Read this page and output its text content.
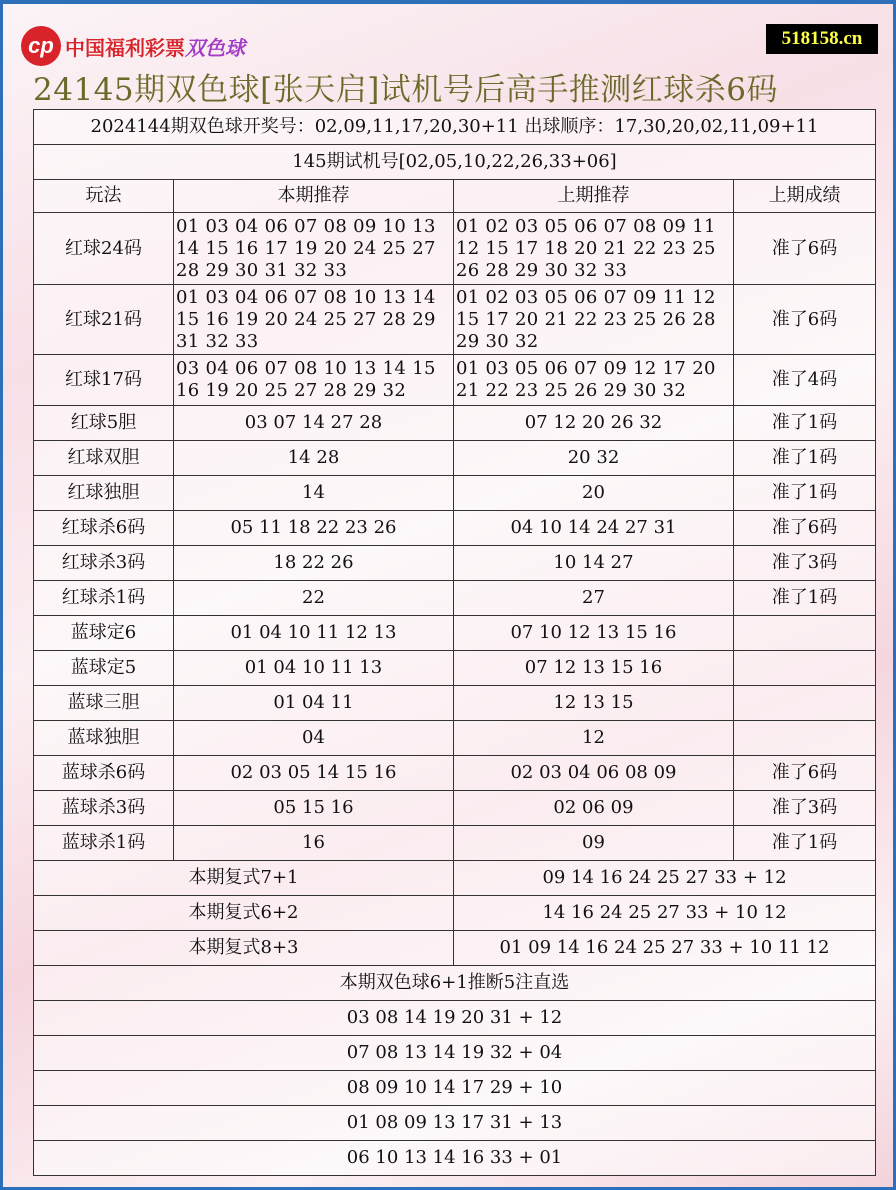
cp 中国福利彩票双色球	518158.cn
24145期双色球[张天启]试机号后高手推测红球杀6码
2024144期双色球开奖号：02,09,11,17,20,30+11 出球顺序：17,30,20,02,11,09+11			
145期试机号[02,05,10,22,26,33+06]			
玩法	本期推荐	上期推荐	上期成绩
红球24码	01 03 04 06 07 08 09 10 13 14 15 16 17 19 20 24 25 27 28 29 30 31 32 33	01 02 03 05 06 07 08 09 11 12 15 17 18 20 21 22 23 25 26 28 29 30 32 33	准了6码
红球21码	01 03 04 06 07 08 10 13 14 15 16 19 20 24 25 27 28 29 31 32 33	01 02 03 05 06 07 09 11 12 15 17 20 21 22 23 25 26 28 29 30 32	准了6码
红球17码	03 04 06 07 08 10 13 14 15 16 19 20 25 27 28 29 32	01 03 05 06 07 09 12 17 20 21 22 23 25 26 29 30 32	准了4码
红球5胆	03 07 14 27 28	07 12 20 26 32	准了1码
红球双胆	14 28	20 32	准了1码
红球独胆	14	20	准了1码
红球杀6码	05 11 18 22 23 26	04 10 14 24 27 31	准了6码
红球杀3码	18 22 26	10 14 27	准了3码
红球杀1码	22	27	准了1码
蓝球定6	01 04 10 11 12 13	07 10 12 13 15 16	
蓝球定5	01 04 10 11 13	07 12 13 15 16	
蓝球三胆	01 04 11	12 13 15	
蓝球独胆	04	12	
蓝球杀6码	02 03 05 14 15 16	02 03 04 06 08 09	准了6码
蓝球杀3码	05 15 16	02 06 09	准了3码
蓝球杀1码	16	09	准了1码
本期复式7+1		09 14 16 24 25 27 33 + 12	
本期复式6+2		14 16 24 25 27 33 + 10 12	
本期复式8+3		01 09 14 16 24 25 27 33 + 10 11 12	
本期双色球6+1推断5注直选			
03 08 14 19 20 31 + 12			
07 08 13 14 19 32 + 04			
08 09 10 14 17 29 + 10			
01 08 09 13 17 31 + 13			
06 10 13 14 16 33 + 01			
